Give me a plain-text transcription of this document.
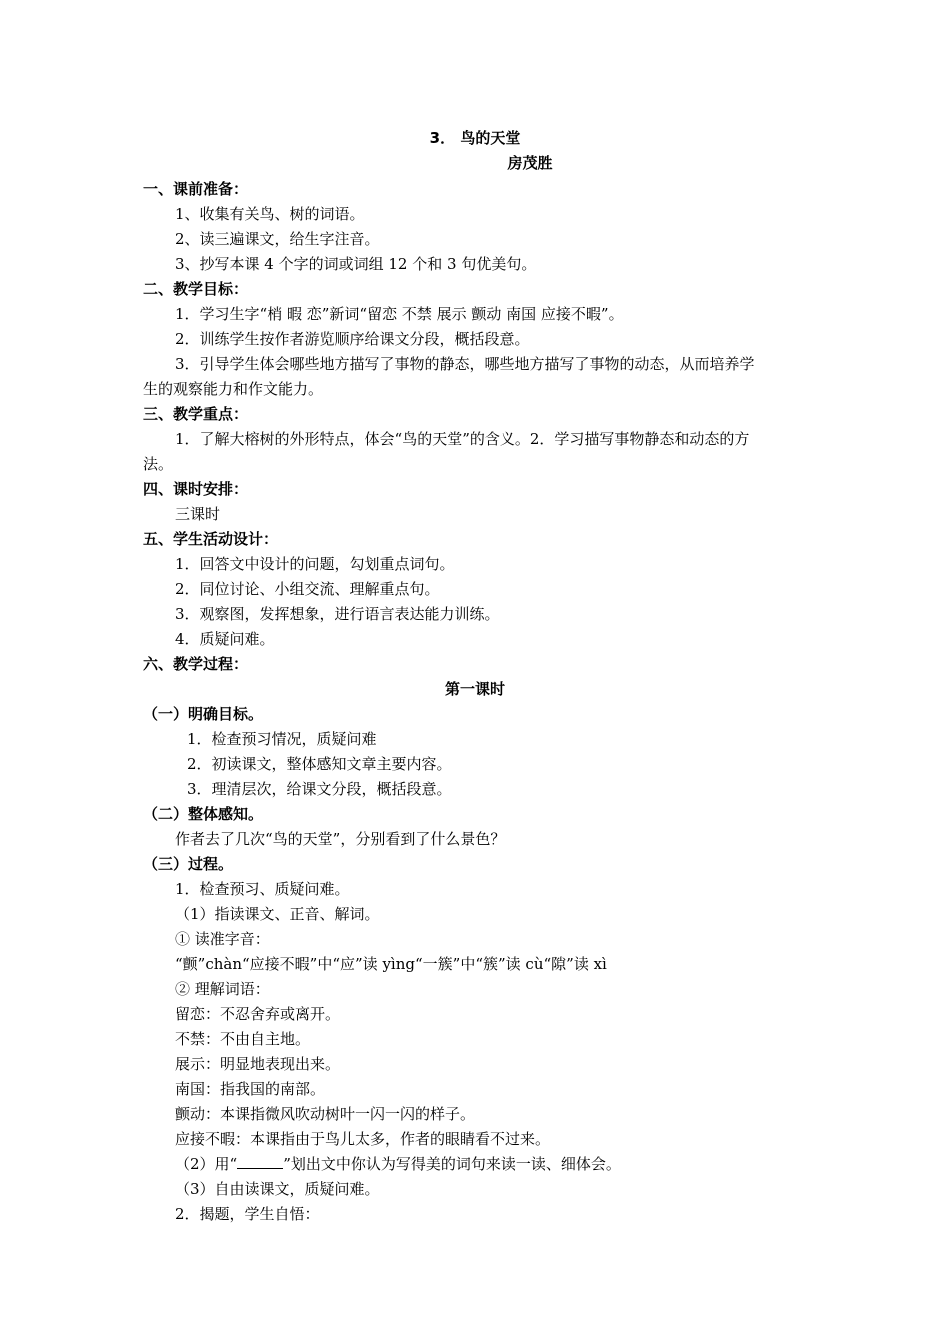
3． 鸟的天堂
房茂胜
一、课前准备：
1、收集有关鸟、树的词语。
2、读三遍课文，给生字注音。
3、抄写本课 4 个字的词或词组 12 个和 3 句优美句。
二、教学目标：
1．学习生字“梢 暇 恋”新词“留恋 不禁 展示 颤动 南国 应接不暇”。
2．训练学生按作者游览顺序给课文分段，概括段意。
3．引导学生体会哪些地方描写了事物的静态，哪些地方描写了事物的动态，从而培养学
生的观察能力和作文能力。
三、教学重点：
1．了解大榕树的外形特点，体会“鸟的天堂”的含义。2．学习描写事物静态和动态的方
法。
四、课时安排：
三课时
五、学生活动设计：
1．回答文中设计的问题，勾划重点词句。
2．同位讨论、小组交流、理解重点句。
3．观察图，发挥想象，进行语言表达能力训练。
4．质疑问难。
六、教学过程：
第一课时
（一）明确目标。
1．检查预习情况，质疑问难
2．初读课文，整体感知文章主要内容。
3．理清层次，给课文分段，概括段意。
（二）整体感知。
作者去了几次“鸟的天堂”，分别看到了什么景色？
（三）过程。
1．检查预习、质疑问难。
（1）指读课文、正音、解词。
① 读准字音：
“颤”chàn“应接不暇”中“应”读 yìng“一簇”中“簇”读 cù“隙”读 xì
② 理解词语：
留恋：不忍舍弃或离开。
不禁：不由自主地。
展示：明显地表现出来。
南国：指我国的南部。
颤动：本课指微风吹动树叶一闪一闪的样子。
应接不暇：本课指由于鸟儿太多，作者的眼睛看不过来。
（2）用“	”划出文中你认为写得美的词句来读一读、细体会。
（3）自由读课文，质疑问难。
2．揭题，学生自悟：
